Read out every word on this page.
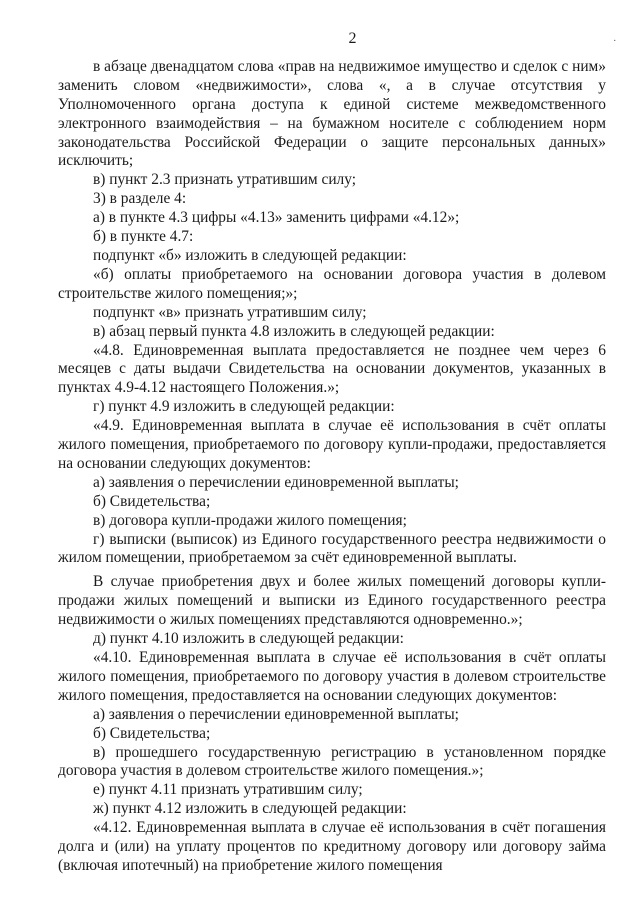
2	.

в абзаце двенадцатом слова «прав на недвижимое имущество и сделок с ним» заменить словом «недвижимости», слова «, а в случае отсутствия у Уполномоченного органа доступа к единой системе межведомственного электронного взаимодействия – на бумажном носителе с соблюдением норм законодательства Российской Федерации о защите персональных данных» исключить;

в) пункт 2.3 признать утратившим силу;

3) в разделе 4:

а) в пункте 4.3 цифры «4.13» заменить цифрами «4.12»;

б) в пункте 4.7:

подпункт «б» изложить в следующей редакции:

«б) оплаты приобретаемого на основании договора участия в долевом строительстве жилого помещения;»;

подпункт «в» признать утратившим силу;

в) абзац первый пункта 4.8 изложить в следующей редакции:

«4.8. Единовременная выплата предоставляется не позднее чем через 6 месяцев с даты выдачи Свидетельства на основании документов, указанных в пунктах 4.9-4.12 настоящего Положения.»;

г) пункт 4.9 изложить в следующей редакции:

«4.9. Единовременная выплата в случае её использования в счёт оплаты жилого помещения, приобретаемого по договору купли-продажи, предоставляется на основании следующих документов:

а) заявления о перечислении единовременной выплаты;

б) Свидетельства;

в) договора купли-продажи жилого помещения;

г) выписки (выписок) из Единого государственного реестра недвижимости о жилом помещении, приобретаемом за счёт единовременной выплаты.

В случае приобретения двух и более жилых помещений договоры купли-продажи жилых помещений и выписки из Единого государственного реестра недвижимости о жилых помещениях представляются одновременно.»;

д) пункт 4.10 изложить в следующей редакции:

«4.10. Единовременная выплата в случае её использования в счёт оплаты жилого помещения, приобретаемого по договору участия в долевом строительстве жилого помещения, предоставляется на основании следующих документов:

а) заявления о перечислении единовременной выплаты;

б) Свидетельства;

в) прошедшего государственную регистрацию в установленном порядке договора участия в долевом строительстве жилого помещения.»;

е) пункт 4.11 признать утратившим силу;

ж) пункт 4.12 изложить в следующей редакции:

«4.12. Единовременная выплата в случае её использования в счёт погашения долга и (или) на уплату процентов по кредитному договору или договору займа (включая ипотечный) на приобретение жилого помещения
